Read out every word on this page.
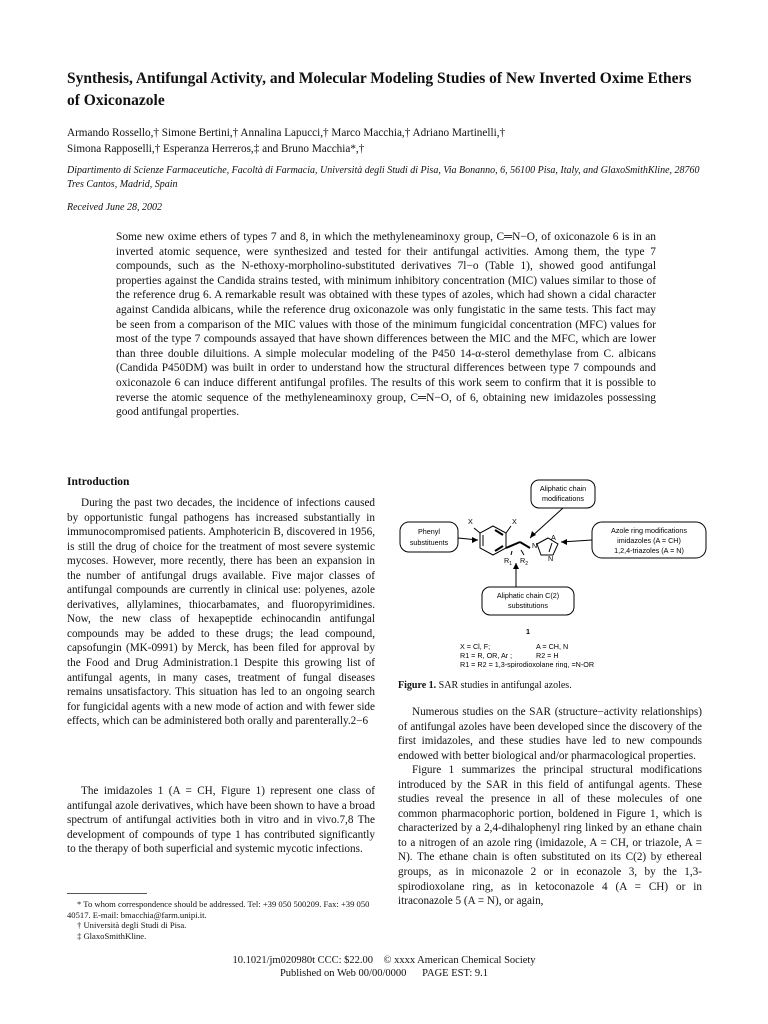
Synthesis, Antifungal Activity, and Molecular Modeling Studies of New Inverted Oxime Ethers of Oxiconazole
Armando Rossello,† Simone Bertini,† Annalina Lapucci,† Marco Macchia,† Adriano Martinelli,†
Simona Rapposelli,† Esperanza Herreros,‡ and Bruno Macchia*,†
Dipartimento di Scienze Farmaceutiche, Facoltà di Farmacia, Università degli Studi di Pisa, Via Bonanno, 6, 56100 Pisa, Italy, and GlaxoSmithKline, 28760 Tres Cantos, Madrid, Spain
Received June 28, 2002

Some new oxime ethers of types 7 and 8, in which the methyleneaminoxy group, C═N−O, of oxiconazole 6 is in an inverted atomic sequence, were synthesized and tested for their antifungal activities. Among them, the type 7 compounds, such as the N-ethoxy-morpholino-substituted derivatives 7l−o (Table 1), showed good antifungal properties against the Candida strains tested, with minimum inhibitory concentration (MIC) values similar to those of the reference drug 6. A remarkable result was obtained with these types of azoles, which had shown a cidal character against Candida albicans, while the reference drug oxiconazole was only fungistatic in the same tests. This fact may be seen from a comparison of the MIC values with those of the minimum fungicidal concentration (MFC) values for most of the type 7 compounds assayed that have shown differences between the MIC and the MFC, which are lower than three double diluitions. A simple molecular modeling of the P450 14-α-sterol demethylase from C. albicans (Candida P450DM) was built in order to understand how the structural differences between type 7 compounds and oxiconazole 6 can induce different antifungal profiles. The results of this work seem to confirm that it is possible to reverse the atomic sequence of the methyleneaminoxy group, C═N−O, of 6, obtaining new imidazoles possessing good antifungal properties.

Introduction

During the past two decades, the incidence of infections caused by opportunistic fungal pathogens has increased substantially in immunocompromised patients. Amphotericin B, discovered in 1956, is still the drug of choice for the treatment of most severe systemic mycoses. However, more recently, there has been an expansion in the number of antifungal drugs available. Five major classes of antifungal compounds are currently in clinical use: polyenes, azole derivatives, allylamines, thiocarbamates, and fluoropyrimidines. Now, the new class of hexapeptide echinocandin antifungal compounds may be added to these drugs; the lead compound, capsofungin (MK-0991) by Merck, has been filed for approval by the Food and Drug Administration.1 Despite this growing list of antifungal agents, in many cases, treatment of fungal diseases remains unsatisfactory. This situation has led to an ongoing search for fungicidal agents with a new mode of action and with fewer side effects, which can be administered both orally and parenterally.2−6

The imidazoles 1 (A = CH, Figure 1) represent one class of antifungal azole derivatives, which have been shown to have a broad spectrum of antifungal activities both in vitro and in vivo.7,8 The development of compounds of type 1 has contributed significantly to the therapy of both superficial and systemic mycotic infections.

* To whom correspondence should be addressed. Tel: +39 050 500209. Fax: +39 050 40517. E-mail: bmacchia@farm.unipi.it.

† Università degli Studi di Pisa.

‡ GlaxoSmithKline.

Aliphatic chain
modifications
Phenyl
substituents
Azole ring modifications
imidazoles (A = CH)
1,2,4-triazoles (A = N)
Aliphatic chain C(2)
substitutions
X	X
$R_1$ $R_2$
N
A
N
1
X = Cl, F;	A = CH, N
R1 = R, OR, Ar ;	R2 = H
R1 = R2 = 1,3-spirodioxolane ring, =N-OR
Figure 1. SAR studies in antifungal azoles.

Numerous studies on the SAR (structure−activity relationships) of antifungal azoles have been developed since the discovery of the first imidazoles, and these studies have led to new compounds endowed with better biological and/or pharmacological properties.

Figure 1 summarizes the principal structural modifications introduced by the SAR in this field of antifungal agents. These studies reveal the presence in all of these molecules of one common pharmacophoric portion, boldened in Figure 1, which is characterized by a 2,4-dihalophenyl ring linked by an ethane chain to a nitrogen of an azole ring (imidazole, A = CH, or triazole, A = N). The ethane chain is often substituted on its C(2) by ethereal groups, as in miconazole 2 or in econazole 3, by the 1,3-spirodioxolane ring, as in ketoconazole 4 (A = CH) or in itraconazole 5 (A = N), or again,

10.1021/jm020980t CCC: $22.00    © xxxx American Chemical Society
Published on Web 00/00/0000      PAGE EST: 9.1
